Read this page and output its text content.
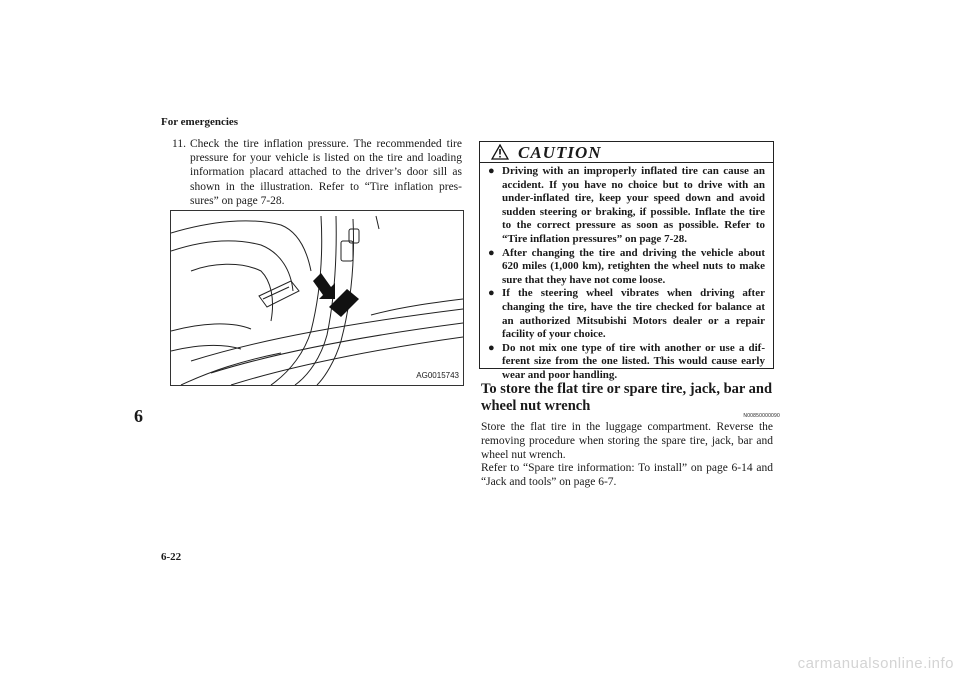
For emergencies
6
11. Check the tire inflation pressure. The recommended tire pressure for your vehicle is listed on the tire and loading information placard attached to the driver’s door sill as shown in the illustration. Refer to “Tire inflation pres-sures” on page 7-28.
AG0015743
CAUTION
● Driving with an improperly inflated tire can cause an accident. If you have no choice but to drive with an under-inflated tire, keep your speed down and avoid sudden steering or braking, if possible. Inflate the tire to the correct pressure as soon as possible. Refer to “Tire inflation pressures” on page 7-28.
● After changing the tire and driving the vehicle about 620 miles (1,000 km), retighten the wheel nuts to make sure that they have not come loose.
● If the steering wheel vibrates when driving after changing the tire, have the tire checked for balance at an authorized Mitsubishi Motors dealer or a repair facility of your choice.
● Do not mix one type of tire with another or use a dif-ferent size from the one listed. This would cause early wear and poor handling.
To store the flat tire or spare tire, jack, bar and wheel nut wrench
N00850000090

Store the flat tire in the luggage compartment. Reverse the removing procedure when storing the spare tire, jack, bar and wheel nut wrench.

Refer to “Spare tire information: To install” on page 6-14 and “Jack and tools” on page 6-7.

6-22
carmanualsonline.info
